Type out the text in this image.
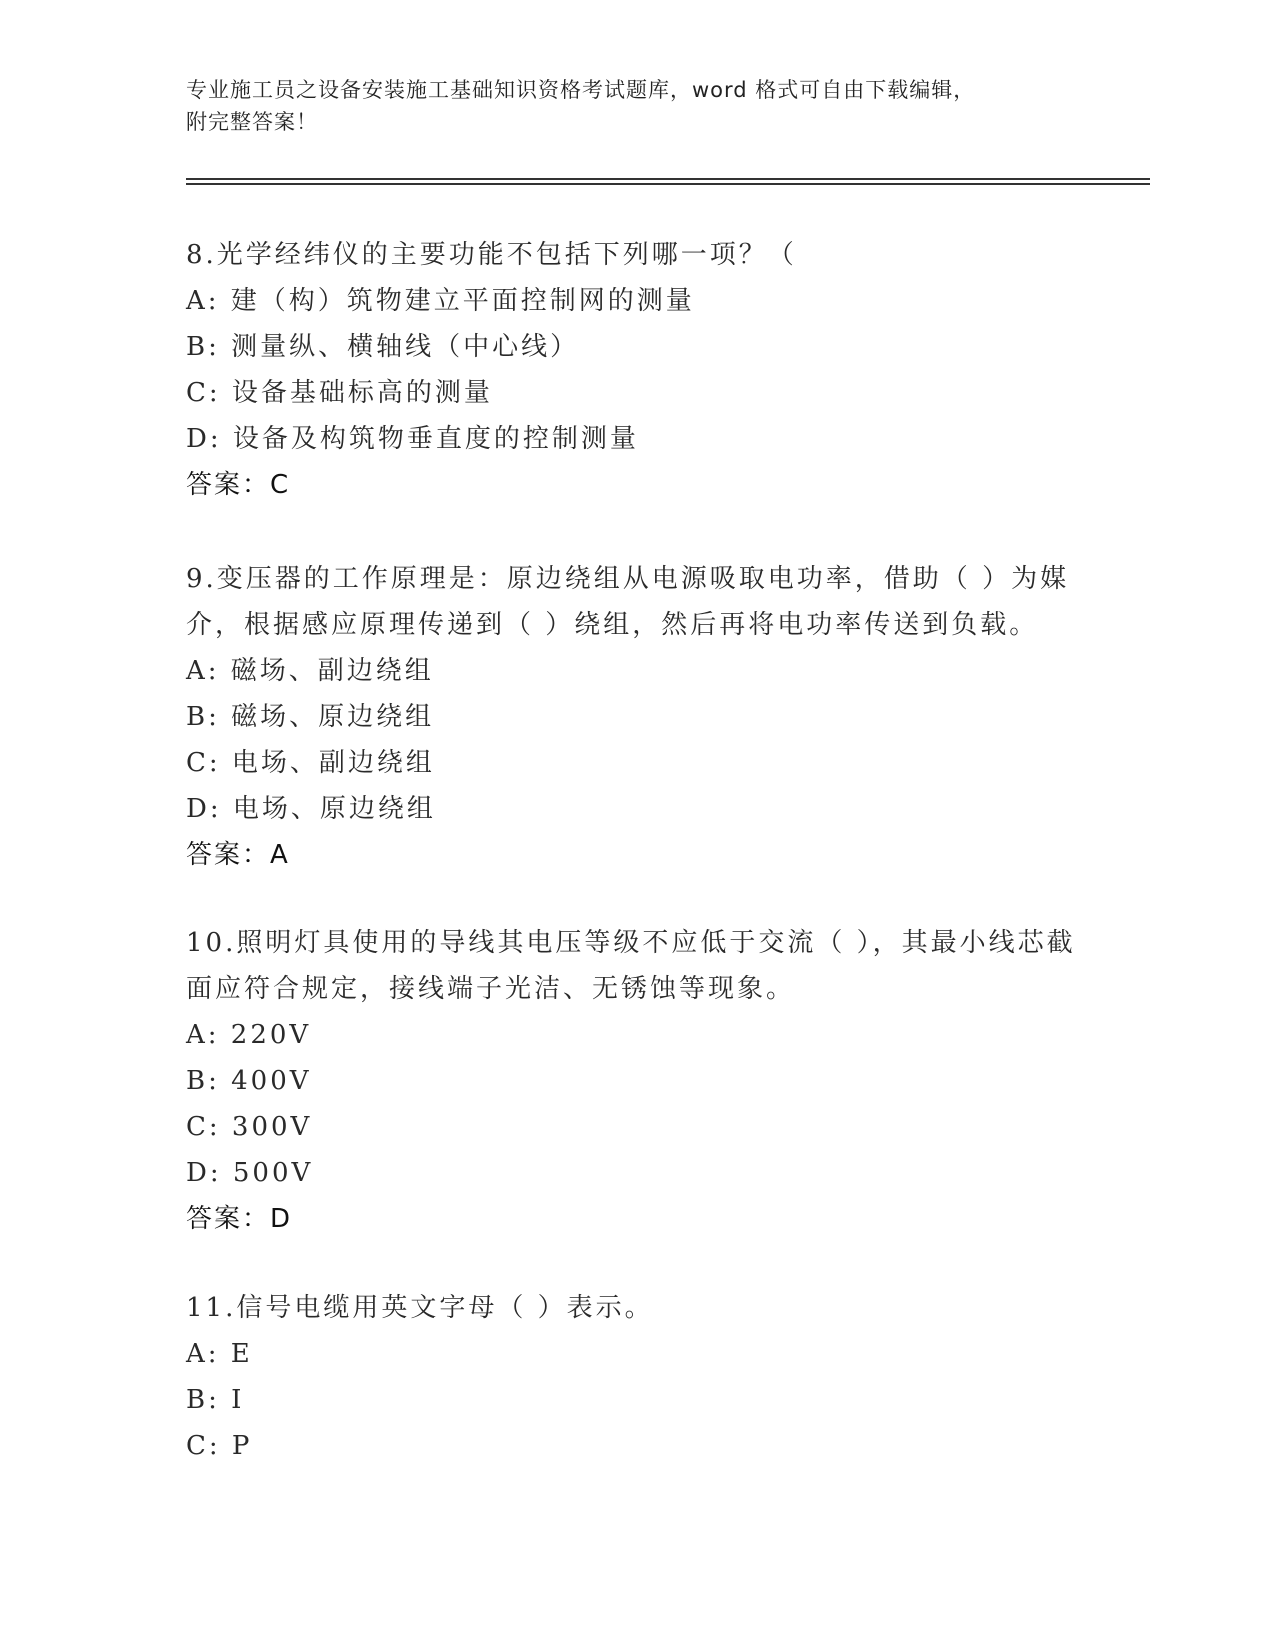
专业施工员之设备安装施工基础知识资格考试题库，word 格式可自由下载编辑，
附完整答案！
8.光学经纬仪的主要功能不包括下列哪一项？（
A: 建（构）筑物建立平面控制网的测量
B: 测量纵、横轴线（中心线）
C: 设备基础标高的测量
D: 设备及构筑物垂直度的控制测量
答案：C
9.变压器的工作原理是：原边绕组从电源吸取电功率，借助（ ）为媒介，根据感应原理传递到（ ）绕组，然后再将电功率传送到负载。
A: 磁场、副边绕组
B: 磁场、原边绕组
C: 电场、副边绕组
D: 电场、原边绕组
答案：A
10.照明灯具使用的导线其电压等级不应低于交流（ ），其最小线芯截面应符合规定，接线端子光洁、无锈蚀等现象。
A: 220V
B: 400V
C: 300V
D: 500V
答案：D
11.信号电缆用英文字母（ ）表示。
A: E
B: I
C: P
